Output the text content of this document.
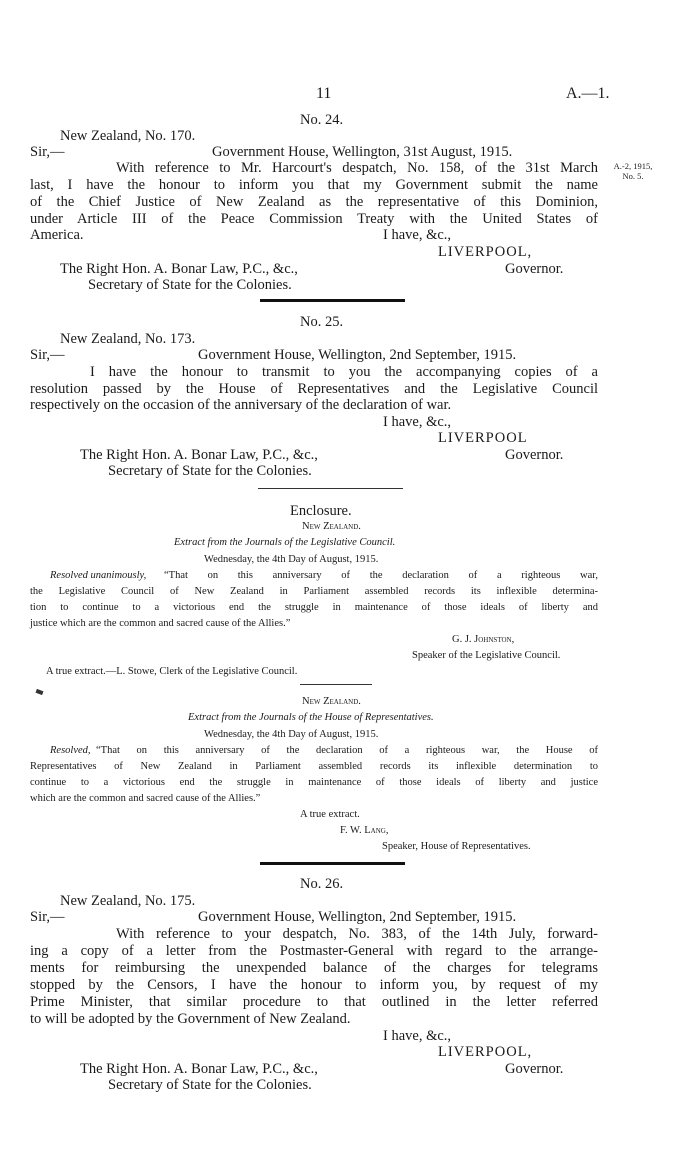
11	A.—1.
No. 24.
New Zealand, No. 170.
Sir,—	Government House, Wellington, 31st August, 1915.
With reference to Mr. Harcourt's despatch, No. 158, of the 31st March
last, I have the honour to inform you that my Government submit the name
of the Chief Justice of New Zealand as the representative of this Dominion,
under Article III of the Peace Commission Treaty with the United States of
America.	I have, &c.,
LIVERPOOL,
The Right Hon. A. Bonar Law, P.C., &c.,	Governor.
Secretary of State for the Colonies.
A.-2, 1915,
No. 5.
No. 25.
New Zealand, No. 173.
Sir,—	Government House, Wellington, 2nd September, 1915.
I have the honour to transmit to you the accompanying copies of a
resolution passed by the House of Representatives and the Legislative Council
respectively on the occasion of the anniversary of the declaration of war.
I have, &c.,
LIVERPOOL
The Right Hon. A. Bonar Law, P.C., &c.,	Governor.
Secretary of State for the Colonies.
Enclosure.
New Zealand.
Extract from the Journals of the Legislative Council.
Wednesday, the 4th Day of August, 1915.
Resolved unanimously, “That on this anniversary of the declaration of a righteous war,
the Legislative Council of New Zealand in Parliament assembled records its inflexible determina-
tion to continue to a victorious end the struggle in maintenance of those ideals of liberty and
justice which are the common and sacred cause of the Allies.”
G. J. Johnston,
Speaker of the Legislative Council.
A true extract.—L. Stowe, Clerk of the Legislative Council.
New Zealand.
Extract from the Journals of the House of Representatives.
Wednesday, the 4th Day of August, 1915.
Resolved, “That on this anniversary of the declaration of a righteous war, the House of
Representatives of New Zealand in Parliament assembled records its inflexible determination to
continue to a victorious end the struggle in maintenance of those ideals of liberty and justice
which are the common and sacred cause of the Allies.”
A true extract.
F. W. Lang,
Speaker, House of Representatives.
No. 26.
New Zealand, No. 175.
Sir,—	Government House, Wellington, 2nd September, 1915.
With reference to your despatch, No. 383, of the 14th July, forward-
ing a copy of a letter from the Postmaster-General with regard to the arrange-
ments for reimbursing the unexpended balance of the charges for telegrams
stopped by the Censors, I have the honour to inform you, by request of my
Prime Minister, that similar procedure to that outlined in the letter referred
to will be adopted by the Government of New Zealand.
I have, &c.,
LIVERPOOL,
The Right Hon. A. Bonar Law, P.C., &c.,	Governor.
Secretary of State for the Colonies.
